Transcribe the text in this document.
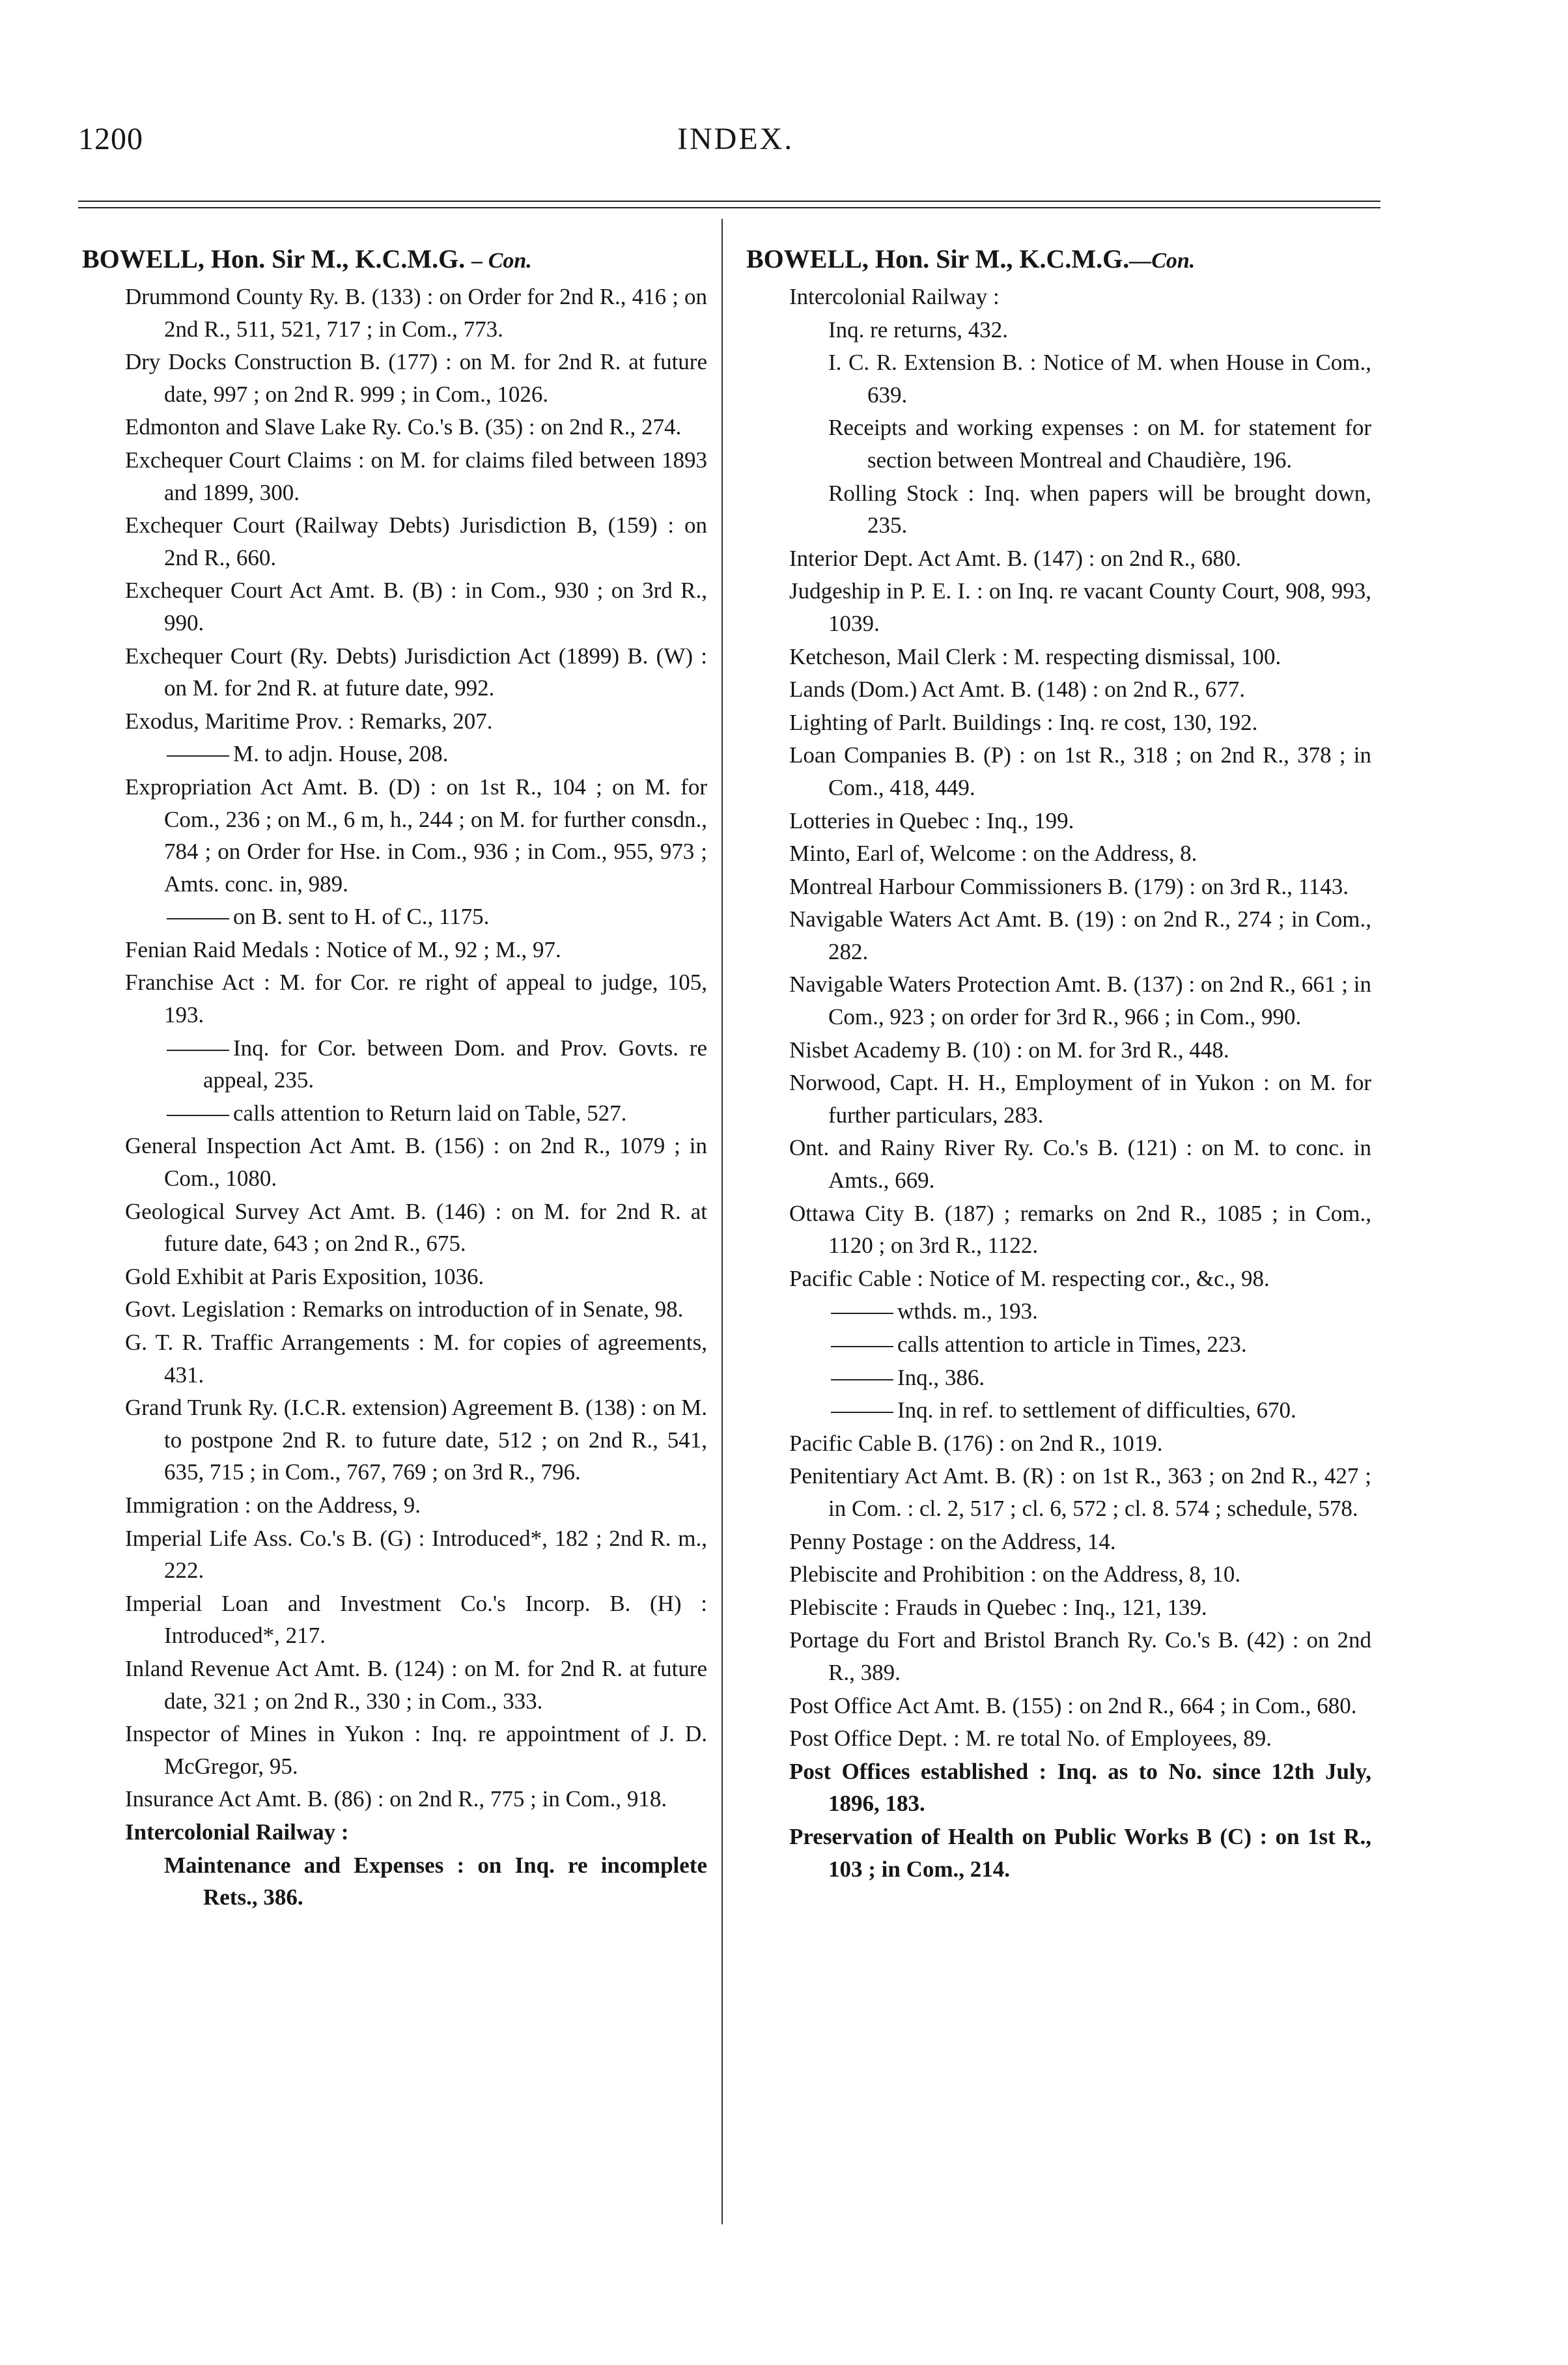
1200	INDEX.
BOWELL, Hon. Sir M., K.C.M.G. – Con.
Drummond County Ry. B. (133) : on Order for 2nd R., 416 ; on 2nd R., 511, 521, 717 ; in Com., 773.
Dry Docks Construction B. (177) : on M. for 2nd R. at future date, 997 ; on 2nd R. 999 ; in Com., 1026.
Edmonton and Slave Lake Ry. Co.'s B. (35) : on 2nd R., 274.
Exchequer Court Claims : on M. for claims filed between 1893 and 1899, 300.
Exchequer Court (Railway Debts) Jurisdiction B, (159) : on 2nd R., 660.
Exchequer Court Act Amt. B. (B) : in Com., 930 ; on 3rd R., 990.
Exchequer Court (Ry. Debts) Jurisdiction Act (1899) B. (W) : on M. for 2nd R. at future date, 992.
Exodus, Maritime Prov. : Remarks, 207.
M. to adjn. House, 208.
Expropriation Act Amt. B. (D) : on 1st R., 104 ; on M. for Com., 236 ; on M., 6 m, h., 244 ; on M. for further consdn., 784 ; on Order for Hse. in Com., 936 ; in Com., 955, 973 ; Amts. conc. in, 989.
on B. sent to H. of C., 1175.
Fenian Raid Medals : Notice of M., 92 ; M., 97.
Franchise Act : M. for Cor. re right of appeal to judge, 105, 193.
Inq. for Cor. between Dom. and Prov. Govts. re appeal, 235.
calls attention to Return laid on Table, 527.
General Inspection Act Amt. B. (156) : on 2nd R., 1079 ; in Com., 1080.
Geological Survey Act Amt. B. (146) : on M. for 2nd R. at future date, 643 ; on 2nd R., 675.
Gold Exhibit at Paris Exposition, 1036.
Govt. Legislation : Remarks on introduction of in Senate, 98.
G. T. R. Traffic Arrangements : M. for copies of agreements, 431.
Grand Trunk Ry. (I.C.R. extension) Agreement B. (138) : on M. to postpone 2nd R. to future date, 512 ; on 2nd R., 541, 635, 715 ; in Com., 767, 769 ; on 3rd R., 796.
Immigration : on the Address, 9.
Imperial Life Ass. Co.'s B. (G) : Introduced*, 182 ; 2nd R. m., 222.
Imperial Loan and Investment Co.'s Incorp. B. (H) : Introduced*, 217.
Inland Revenue Act Amt. B. (124) : on M. for 2nd R. at future date, 321 ; on 2nd R., 330 ; in Com., 333.
Inspector of Mines in Yukon : Inq. re appointment of J. D. McGregor, 95.
Insurance Act Amt. B. (86) : on 2nd R., 775 ; in Com., 918.
Intercolonial Railway :
Maintenance and Expenses : on Inq. re incomplete Rets., 386.
BOWELL, Hon. Sir M., K.C.M.G.—Con.
Intercolonial Railway :
Inq. re returns, 432.
I. C. R. Extension B. : Notice of M. when House in Com., 639.
Receipts and working expenses : on M. for statement for section between Montreal and Chaudière, 196.
Rolling Stock : Inq. when papers will be brought down, 235.
Interior Dept. Act Amt. B. (147) : on 2nd R., 680.
Judgeship in P. E. I. : on Inq. re vacant County Court, 908, 993, 1039.
Ketcheson, Mail Clerk : M. respecting dismissal, 100.
Lands (Dom.) Act Amt. B. (148) : on 2nd R., 677.
Lighting of Parlt. Buildings : Inq. re cost, 130, 192.
Loan Companies B. (P) : on 1st R., 318 ; on 2nd R., 378 ; in Com., 418, 449.
Lotteries in Quebec : Inq., 199.
Minto, Earl of, Welcome : on the Address, 8.
Montreal Harbour Commissioners B. (179) : on 3rd R., 1143.
Navigable Waters Act Amt. B. (19) : on 2nd R., 274 ; in Com., 282.
Navigable Waters Protection Amt. B. (137) : on 2nd R., 661 ; in Com., 923 ; on order for 3rd R., 966 ; in Com., 990.
Nisbet Academy B. (10) : on M. for 3rd R., 448.
Norwood, Capt. H. H., Employment of in Yukon : on M. for further particulars, 283.
Ont. and Rainy River Ry. Co.'s B. (121) : on M. to conc. in Amts., 669.
Ottawa City B. (187) ; remarks on 2nd R., 1085 ; in Com., 1120 ; on 3rd R., 1122.
Pacific Cable : Notice of M. respecting cor., &c., 98.
wthds. m., 193.
calls attention to article in Times, 223.
Inq., 386.
Inq. in ref. to settlement of difficulties, 670.
Pacific Cable B. (176) : on 2nd R., 1019.
Penitentiary Act Amt. B. (R) : on 1st R., 363 ; on 2nd R., 427 ; in Com. : cl. 2, 517 ; cl. 6, 572 ; cl. 8. 574 ; schedule, 578.
Penny Postage : on the Address, 14.
Plebiscite and Prohibition : on the Address, 8, 10.
Plebiscite : Frauds in Quebec : Inq., 121, 139.
Portage du Fort and Bristol Branch Ry. Co.'s B. (42) : on 2nd R., 389.
Post Office Act Amt. B. (155) : on 2nd R., 664 ; in Com., 680.
Post Office Dept. : M. re total No. of Employees, 89.
Post Offices established : Inq. as to No. since 12th July, 1896, 183.
Preservation of Health on Public Works B (C) : on 1st R., 103 ; in Com., 214.
